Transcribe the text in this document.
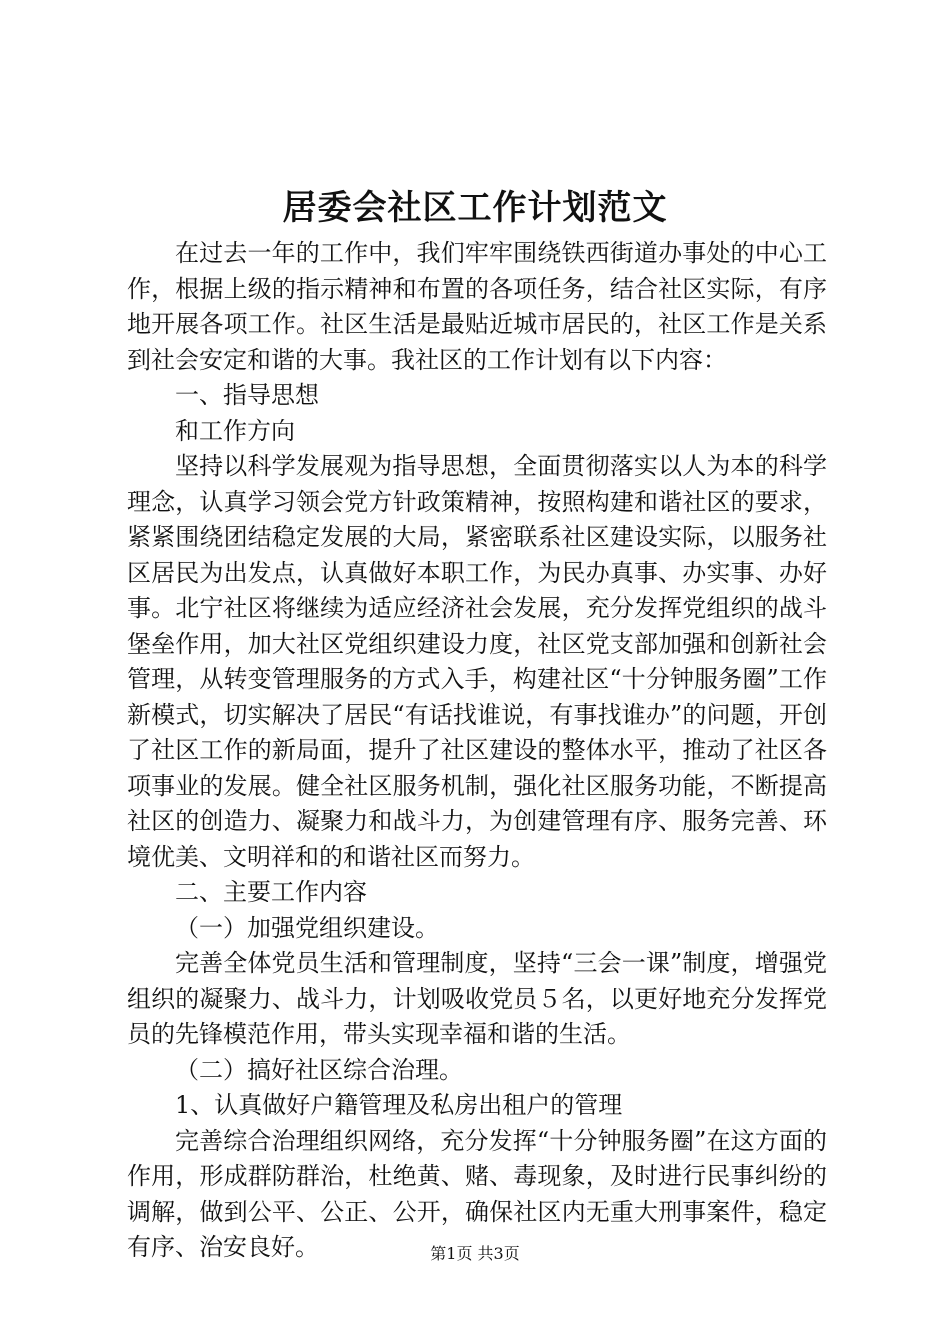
居委会社区工作计划范文

在过去一年的工作中，我们牢牢围绕铁西街道办事处的中心工作，根据上级的指示精神和布置的各项任务，结合社区实际，有序地开展各项工作。社区生活是最贴近城市居民的，社区工作是关系到社会安定和谐的大事。我社区的工作计划有以下内容：

一、指导思想

和工作方向

坚持以科学发展观为指导思想，全面贯彻落实以人为本的科学理念，认真学习领会党方针政策精神，按照构建和谐社区的要求，紧紧围绕团结稳定发展的大局，紧密联系社区建设实际，以服务社区居民为出发点，认真做好本职工作，为民办真事、办实事、办好事。北宁社区将继续为适应经济社会发展，充分发挥党组织的战斗堡垒作用，加大社区党组织建设力度，社区党支部加强和创新社会管理，从转变管理服务的方式入手，构建社区“十分钟服务圈”工作新模式，切实解决了居民“有话找谁说，有事找谁办”的问题，开创了社区工作的新局面，提升了社区建设的整体水平，推动了社区各项事业的发展。健全社区服务机制，强化社区服务功能，不断提高社区的创造力、凝聚力和战斗力，为创建管理有序、服务完善、环境优美、文明祥和的和谐社区而努力。

二、主要工作内容

（一）加强党组织建设。

完善全体党员生活和管理制度，坚持“三会一课”制度，增强党组织的凝聚力、战斗力，计划吸收党员５名，以更好地充分发挥党员的先锋模范作用，带头实现幸福和谐的生活。

（二）搞好社区综合治理。

1、认真做好户籍管理及私房出租户的管理

完善综合治理组织网络，充分发挥“十分钟服务圈”在这方面的作用，形成群防群治，杜绝黄、赌、毒现象，及时进行民事纠纷的调解，做到公平、公正、公开，确保社区内无重大刑事案件，稳定有序、治安良好。	第1页 共3页
